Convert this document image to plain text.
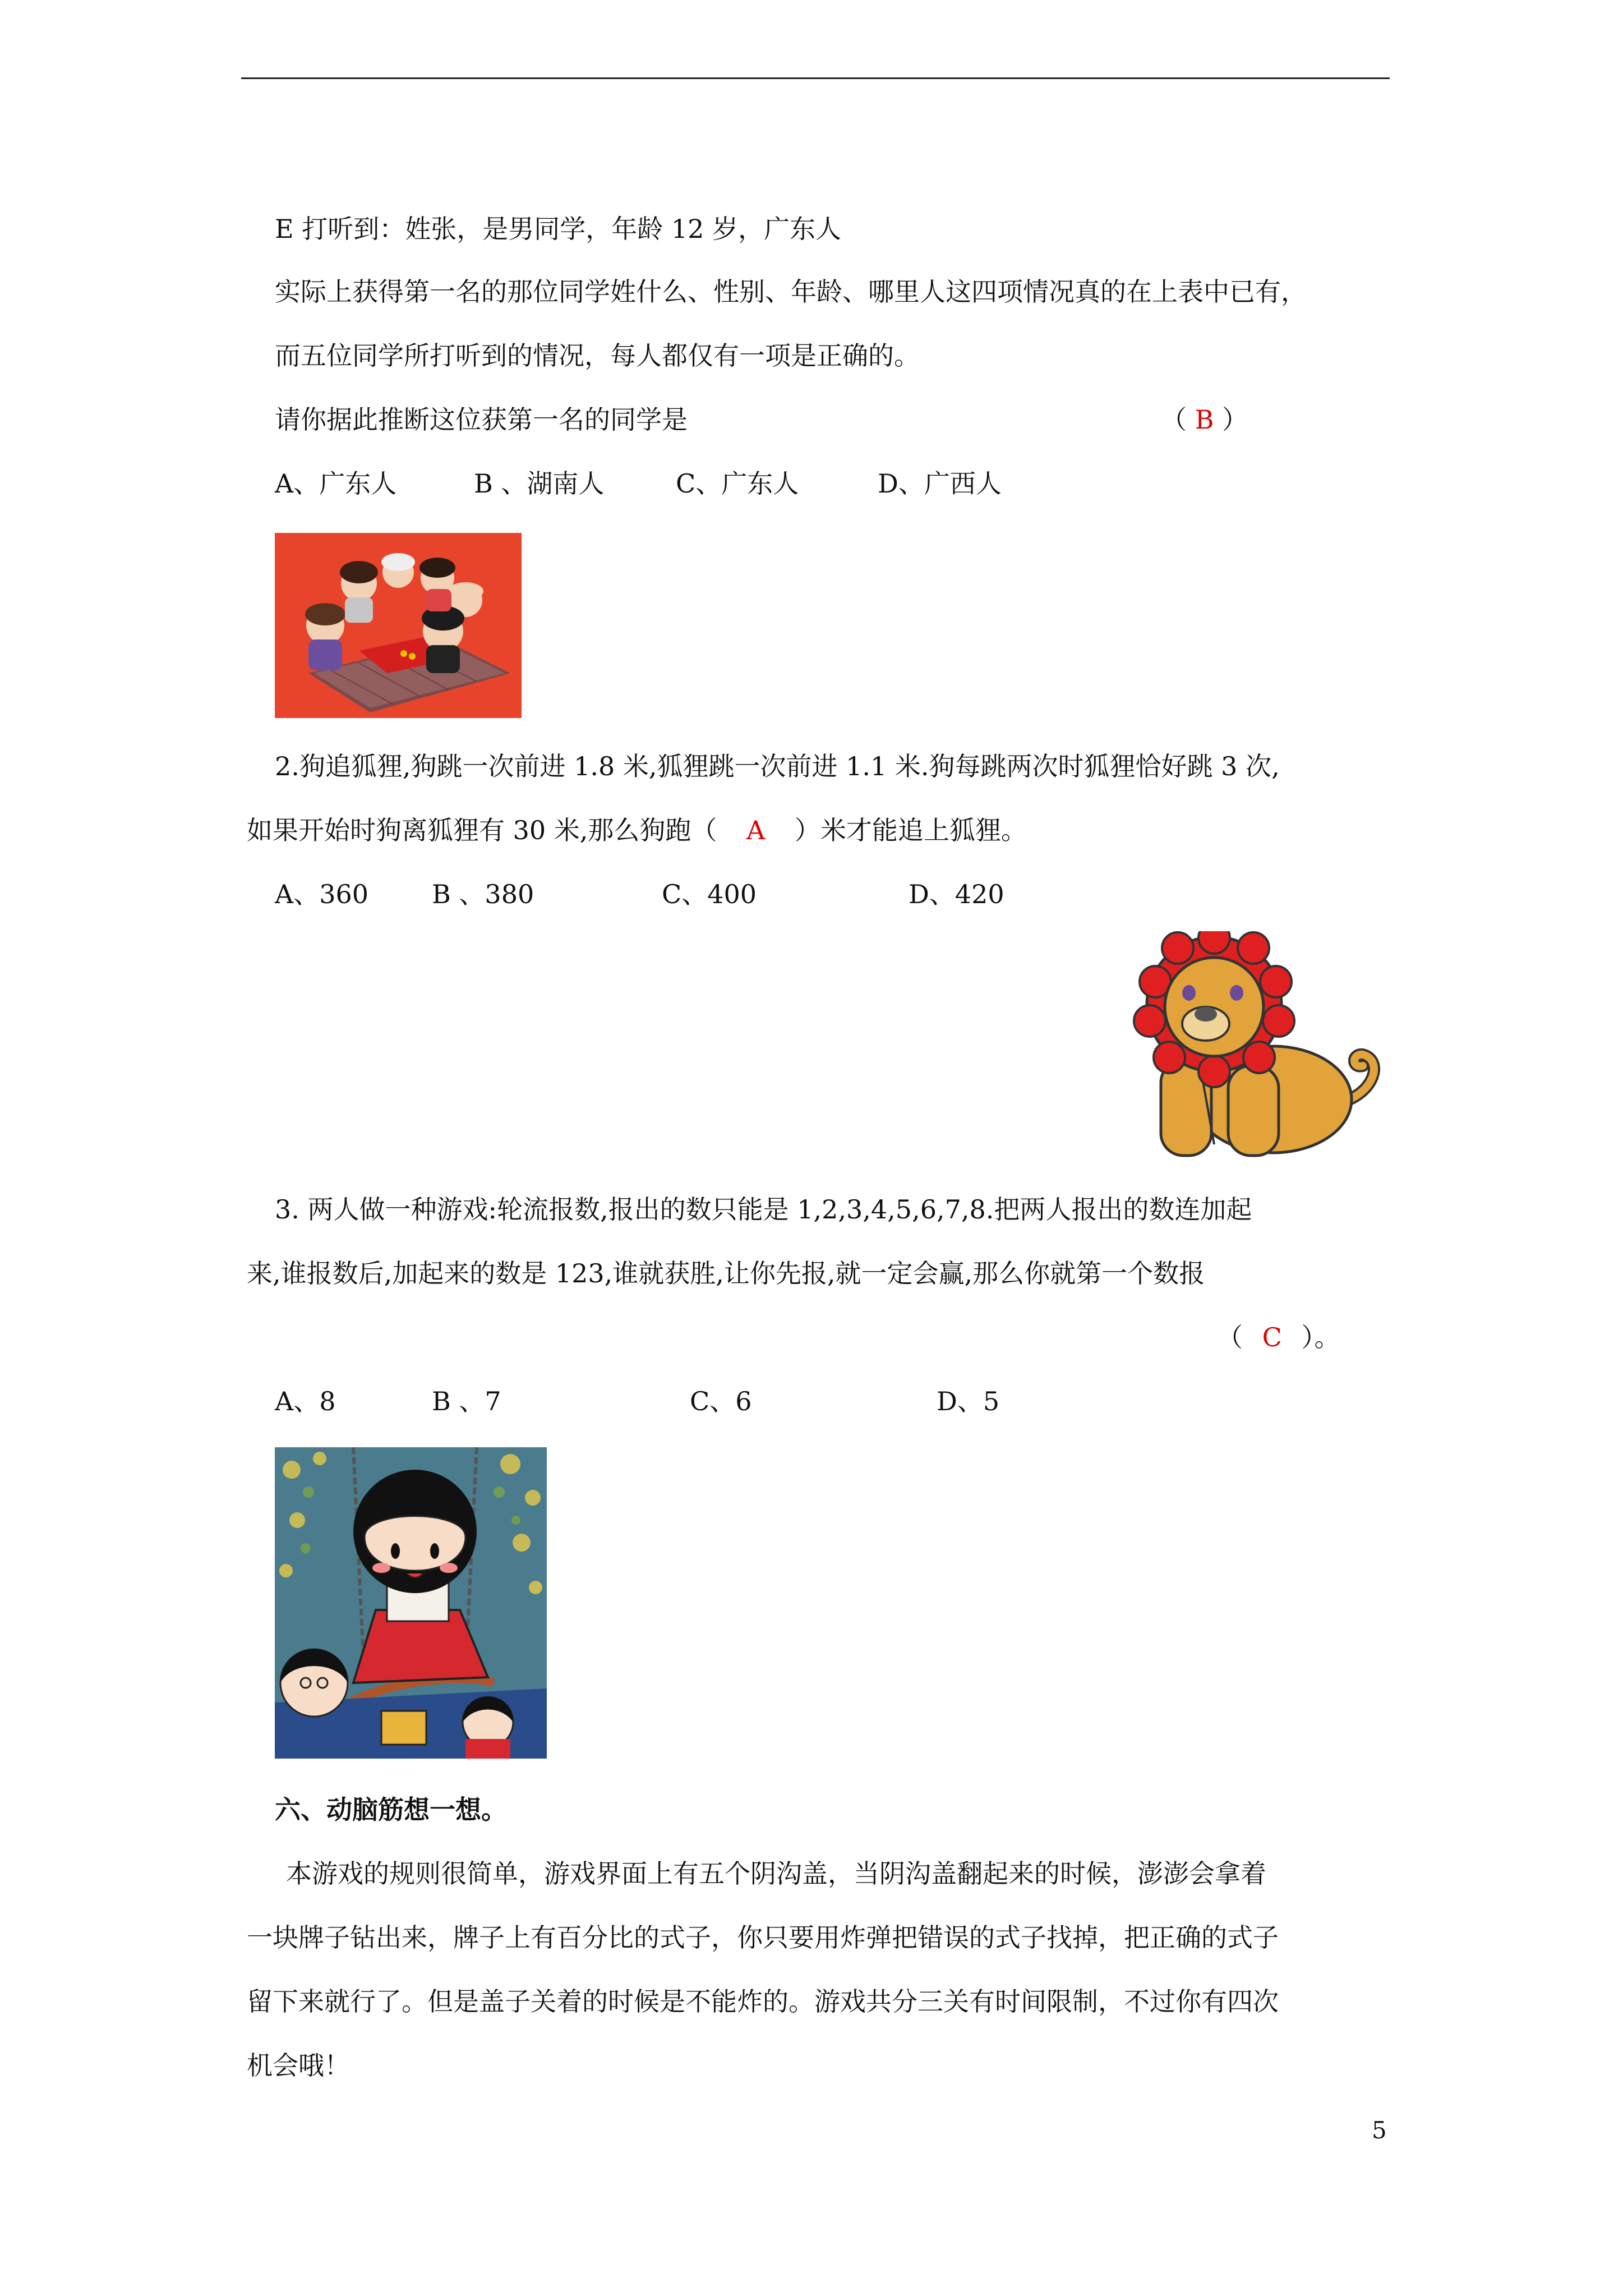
E 打听到：姓张，是男同学，年龄 12 岁，广东人
实际上获得第一名的那位同学姓什么、性别、年龄、哪里人这四项情况真的在上表中已有，
而五位同学所打听到的情况，每人都仅有一项是正确的。
请你据此推断这位获第一名的同学是	（ B ）
A、广东人	B 、湖南人	C、广东人	D、广西人
2.狗追狐狸,狗跳一次前进 1.8 米,狐狸跳一次前进 1.1 米.狗每跳两次时狐狸恰好跳 3 次,
如果开始时狗离狐狸有 30 米,那么狗跑（ A ）米才能追上狐狸。
A、360 B 、380	C、400	D、420
3. 两人做一种游戏:轮流报数,报出的数只能是 1,2,3,4,5,6,7,8.把两人报出的数连加起
来,谁报数后,加起来的数是 123,谁就获胜,让你先报,就一定会赢,那么你就第一个数报
（ C ）。
A、8	B 、7	C、6	D、5
六、动脑筋想一想。
本游戏的规则很简单，游戏界面上有五个阴沟盖，当阴沟盖翻起来的时候，澎澎会拿着
一块牌子钻出来，牌子上有百分比的式子，你只要用炸弹把错误的式子找掉，把正确的式子
留下来就行了。但是盖子关着的时候是不能炸的。游戏共分三关有时间限制，不过你有四次
机会哦！
5
